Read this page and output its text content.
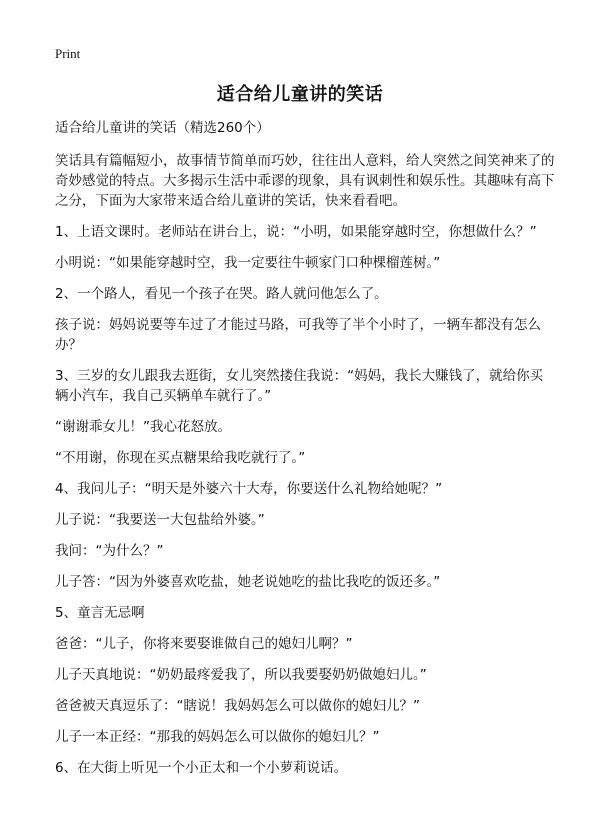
Print
适合给儿童讲的笑话

适合给儿童讲的笑话（精选260个）

笑话具有篇幅短小，故事情节简单而巧妙，往往出人意料，给人突然之间笑神来了的奇妙感觉的特点。大多揭示生活中乖谬的现象，具有讽刺性和娱乐性。其趣味有高下之分，下面为大家带来适合给儿童讲的笑话，快来看看吧。

1、上语文课时。老师站在讲台上，说：“小明，如果能穿越时空，你想做什么？”

小明说：“如果能穿越时空，我一定要往牛顿家门口种棵榴莲树。”

2、一个路人，看见一个孩子在哭。路人就问他怎么了。

孩子说：妈妈说要等车过了才能过马路，可我等了半个小时了，一辆车都没有怎么办？

3、三岁的女儿跟我去逛街，女儿突然搂住我说：“妈妈，我长大赚钱了，就给你买辆小汽车，我自己买辆单车就行了。”

“谢谢乖女儿！”我心花怒放。

“不用谢，你现在买点糖果给我吃就行了。”

4、我问儿子：“明天是外婆六十大寿，你要送什么礼物给她呢？”

儿子说：“我要送一大包盐给外婆。”

我问：“为什么？”

儿子答：“因为外婆喜欢吃盐，她老说她吃的盐比我吃的饭还多。”

5、童言无忌啊

爸爸：“儿子，你将来要娶谁做自己的媳妇儿啊？”

儿子天真地说：“奶奶最疼爱我了，所以我要娶奶奶做媳妇儿。”

爸爸被天真逗乐了：“瞎说！我妈妈怎么可以做你的媳妇儿？”

儿子一本正经：“那我的妈妈怎么可以做你的媳妇儿？”

6、在大街上听见一个小正太和一个小萝莉说话。
